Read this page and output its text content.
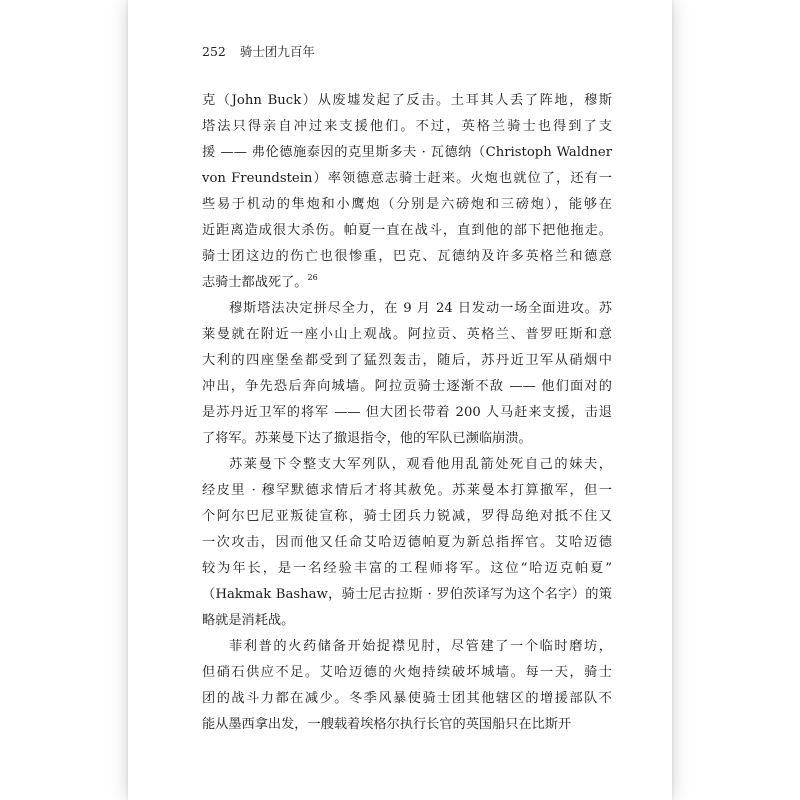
252 骑士团九百年
克（John Buck）从废墟发起了反击。土耳其人丢了阵地，穆斯
塔法只得亲自冲过来支援他们。不过，英格兰骑士也得到了支
援 —— 弗伦德施泰因的克里斯多夫 · 瓦德纳（Christoph Waldner
von Freundstein）率领德意志骑士赶来。火炮也就位了，还有一
些易于机动的隼炮和小鹰炮（分别是六磅炮和三磅炮），能够在
近距离造成很大杀伤。帕夏一直在战斗，直到他的部下把他拖走。
骑士团这边的伤亡也很惨重，巴克、瓦德纳及许多英格兰和德意
志骑士都战死了。$^{26}$
穆斯塔法决定拼尽全力，在 9 月 24 日发动一场全面进攻。苏
莱曼就在附近一座小山上观战。阿拉贡、英格兰、普罗旺斯和意
大利的四座堡垒都受到了猛烈轰击，随后，苏丹近卫军从硝烟中
冲出，争先恐后奔向城墙。阿拉贡骑士逐渐不敌 —— 他们面对的
是苏丹近卫军的将军 —— 但大团长带着 200 人马赶来支援，击退
了将军。苏莱曼下达了撤退指令，他的军队已濒临崩溃。
苏莱曼下令整支大军列队，观看他用乱箭处死自己的妹夫，
经皮里 · 穆罕默德求情后才将其赦免。苏莱曼本打算撤军，但一
个阿尔巴尼亚叛徒宣称，骑士团兵力锐减，罗得岛绝对抵不住又
一次攻击，因而他又任命艾哈迈德帕夏为新总指挥官。艾哈迈德
较为年长，是一名经验丰富的工程师将军。这位“哈迈克帕夏”
（Hakmak Bashaw，骑士尼古拉斯 · 罗伯茨译写为这个名字）的策
略就是消耗战。
菲利普的火药储备开始捉襟见肘，尽管建了一个临时磨坊，
但硝石供应不足。艾哈迈德的火炮持续破坏城墙。每一天，骑士
团的战斗力都在减少。冬季风暴使骑士团其他辖区的增援部队不
能从墨西拿出发，一艘载着埃格尔执行长官的英国船只在比斯开
